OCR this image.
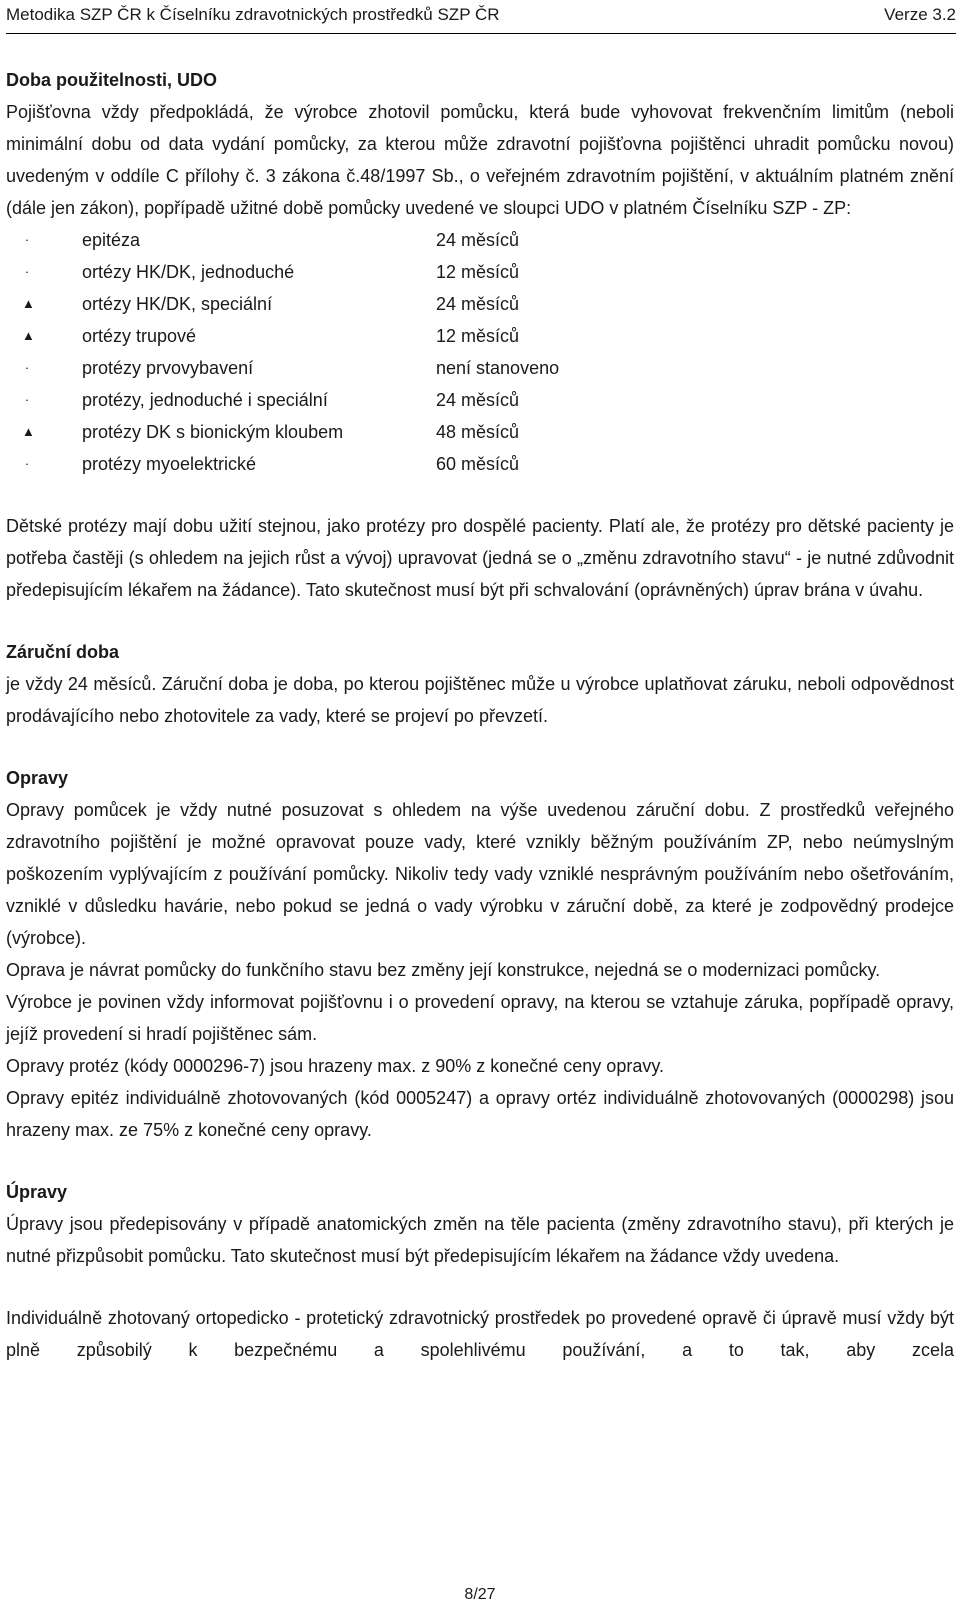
Metodika SZP ČR k Číselníku zdravotnických prostředků SZP ČR	Verze 3.2

Doba použitelnosti, UDO

Pojišťovna vždy předpokládá, že výrobce zhotovil pomůcku, která bude vyhovovat frekvenčním limitům (neboli minimální dobu od data vydání pomůcky, za kterou může zdravotní pojišťovna pojištěnci uhradit pomůcku novou) uvedeným v oddíle C přílohy č. 3 zákona č.48/1997 Sb., o veřejném zdravotním pojištění, v aktuálním platném znění (dále jen zákon), popřípadě užitné době pomůcky uvedené ve sloupci UDO v platném Číselníku SZP - ZP:

·	epitéza	24 měsíců
·	ortézy HK/DK, jednoduché	12 měsíců
▲	ortézy HK/DK, speciální	24 měsíců
▲	ortézy trupové	12 měsíců
·	protézy prvovybavení	není stanoveno
·	protézy, jednoduché i speciální	24 měsíců
▲	protézy DK s bionickým kloubem	48 měsíců
·	protézy myoelektrické	60 měsíců

Dětské protézy mají dobu užití stejnou, jako protézy pro dospělé pacienty. Platí ale, že protézy pro dětské pacienty je potřeba častěji (s ohledem na jejich růst a vývoj) upravovat (jedná se o „změnu zdravotního stavu“ - je nutné zdůvodnit předepisujícím lékařem na žádance). Tato skutečnost musí být při schvalování (oprávněných) úprav brána v úvahu.

Záruční doba

je vždy 24 měsíců. Záruční doba je doba, po kterou pojištěnec může u výrobce uplatňovat záruku, neboli odpovědnost prodávajícího nebo zhotovitele za vady, které se projeví po převzetí.

Opravy

Opravy pomůcek je vždy nutné posuzovat s ohledem na výše uvedenou záruční dobu. Z prostředků veřejného zdravotního pojištění je možné opravovat pouze vady, které vznikly běžným používáním ZP, nebo neúmyslným poškozením vyplývajícím z používání pomůcky. Nikoliv tedy vady vzniklé nesprávným používáním nebo ošetřováním, vzniklé v důsledku havárie, nebo pokud se jedná o vady výrobku v záruční době, za které je zodpovědný prodejce (výrobce).

Oprava je návrat pomůcky do funkčního stavu bez změny její konstrukce, nejedná se o modernizaci pomůcky.

Výrobce je povinen vždy informovat pojišťovnu i o provedení opravy, na kterou se vztahuje záruka, popřípadě opravy, jejíž provedení si hradí pojištěnec sám.

Opravy protéz (kódy 0000296-7) jsou hrazeny max. z 90% z konečné ceny opravy.

Opravy epitéz individuálně zhotovovaných (kód 0005247) a opravy ortéz individuálně zhotovovaných (0000298) jsou hrazeny max. ze 75% z konečné ceny opravy.

Úpravy

Úpravy jsou předepisovány v případě anatomických změn na těle pacienta (změny zdravotního stavu), při kterých je nutné přizpůsobit pomůcku. Tato skutečnost musí být předepisujícím lékařem na žádance vždy uvedena.

Individuálně zhotovaný ortopedicko - protetický zdravotnický prostředek po provedené opravě či úpravě musí vždy být plně způsobilý k bezpečnému a spolehlivému používání, a to tak, aby zcela

8/27
